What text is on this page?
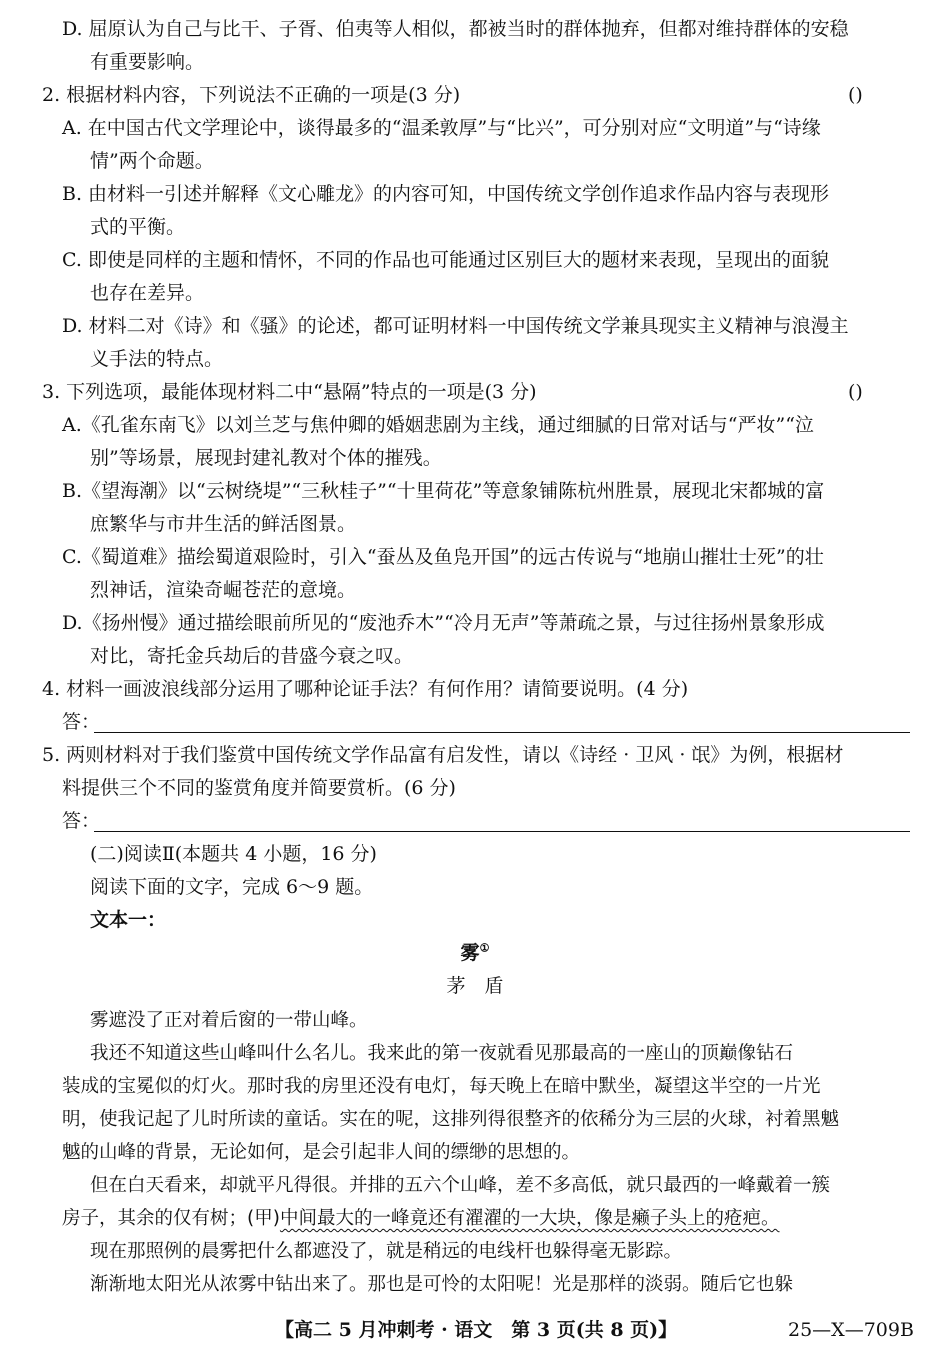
D. 屈原认为自己与比干、子胥、伯夷等人相似，都被当时的群体抛弃，但都对维持群体的安稳
有重要影响。
2. 根据材料内容，下列说法不正确的一项是(3 分)	()
A. 在中国古代文学理论中，谈得最多的“温柔敦厚”与“比兴”，可分别对应“文明道”与“诗缘
情”两个命题。
B. 由材料一引述并解释《文心雕龙》的内容可知，中国传统文学创作追求作品内容与表现形
式的平衡。
C. 即使是同样的主题和情怀，不同的作品也可能通过区别巨大的题材来表现，呈现出的面貌
也存在差异。
D. 材料二对《诗》和《骚》的论述，都可证明材料一中国传统文学兼具现实主义精神与浪漫主
义手法的特点。
3. 下列选项，最能体现材料二中“悬隔”特点的一项是(3 分)	()
A.《孔雀东南飞》以刘兰芝与焦仲卿的婚姻悲剧为主线，通过细腻的日常对话与“严妆”“泣
别”等场景，展现封建礼教对个体的摧残。
B.《望海潮》以“云树绕堤”“三秋桂子”“十里荷花”等意象铺陈杭州胜景，展现北宋都城的富
庶繁华与市井生活的鲜活图景。
C.《蜀道难》描绘蜀道艰险时，引入“蚕丛及鱼凫开国”的远古传说与“地崩山摧壮士死”的壮
烈神话，渲染奇崛苍茫的意境。
D.《扬州慢》通过描绘眼前所见的“废池乔木”“冷月无声”等萧疏之景，与过往扬州景象形成
对比，寄托金兵劫后的昔盛今衰之叹。
4. 材料一画波浪线部分运用了哪种论证手法？有何作用？请简要说明。(4 分)
答：
5. 两则材料对于我们鉴赏中国传统文学作品富有启发性，请以《诗经 · 卫风 · 氓》为例，根据材
料提供三个不同的鉴赏角度并简要赏析。(6 分)
答：
(二)阅读Ⅱ(本题共 4 小题，16 分)
阅读下面的文字，完成 6～9 题。
文本一：
雾①
茅　盾
雾遮没了正对着后窗的一带山峰。
我还不知道这些山峰叫什么名儿。我来此的第一夜就看见那最高的一座山的顶巅像钻石
装成的宝冕似的灯火。那时我的房里还没有电灯，每天晚上在暗中默坐，凝望这半空的一片光
明，使我记起了儿时所读的童话。实在的呢，这排列得很整齐的依稀分为三层的火球，衬着黑魆
魆的山峰的背景，无论如何，是会引起非人间的缥缈的思想的。
但在白天看来，却就平凡得很。并排的五六个山峰，差不多高低，就只最西的一峰戴着一簇
房子，其余的仅有树；(甲)中间最大的一峰竟还有濯濯的一大块，像是癞子头上的疮疤。
现在那照例的晨雾把什么都遮没了，就是稍远的电线杆也躲得毫无影踪。
渐渐地太阳光从浓雾中钻出来了。那也是可怜的太阳呢！光是那样的淡弱。随后它也躲
【高二 5 月冲刺考 · 语文　第 3 页(共 8 页)】	25—X—709B
